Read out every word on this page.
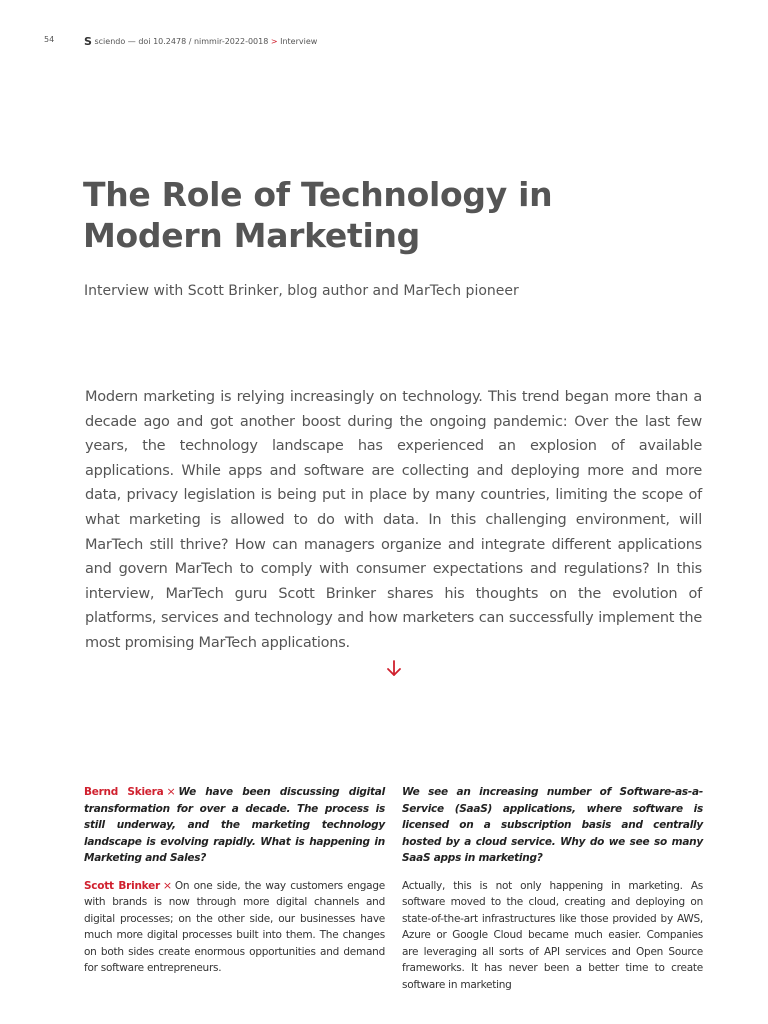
54	S sciendo — doi 10.2478 / nimmir-2022-0018 > Interview
The Role of Technology in
Modern Marketing

Interview with Scott Brinker, blog author and MarTech pioneer

Modern marketing is relying increasingly on technology. This trend began more than a decade ago and got another boost during the ongoing pandemic: Over the last few years, the technology landscape has experienced an explosion of available applications. While apps and software are collecting and deploying more and more data, privacy legislation is being put in place by many countries, limiting the scope of what marketing is allowed to do with data. In this challenging environment, will MarTech still thrive? How can managers organize and integrate different applications and govern MarTech to comply with consumer expectations and regulations? In this interview, MarTech guru Scott Brinker shares his thoughts on the evolution of platforms, services and technology and how marketers can successfully implement the most promising MarTech applications.

Bernd Skiera × We have been discussing digital transformation for over a decade. The process is still underway, and the marketing technology landscape is evolving rapidly. What is happening in Marketing and Sales?

Scott Brinker × On one side, the way customers engage with brands is now through more digital channels and digital processes; on the other side, our businesses have much more digital processes built into them. The changes on both sides create enormous opportunities and demand for software entrepreneurs.

We see an increasing number of Software-as-a-Service (SaaS) applications, where software is licensed on a subscription basis and centrally hosted by a cloud service. Why do we see so many SaaS apps in marketing?

Actually, this is not only happening in marketing. As software moved to the cloud, creating and deploying on state-of-the-art infrastructures like those provided by AWS, Azure or Google Cloud became much easier. Companies are leveraging all sorts of API services and Open Source frameworks. It has never been a better time to create software in marketing
